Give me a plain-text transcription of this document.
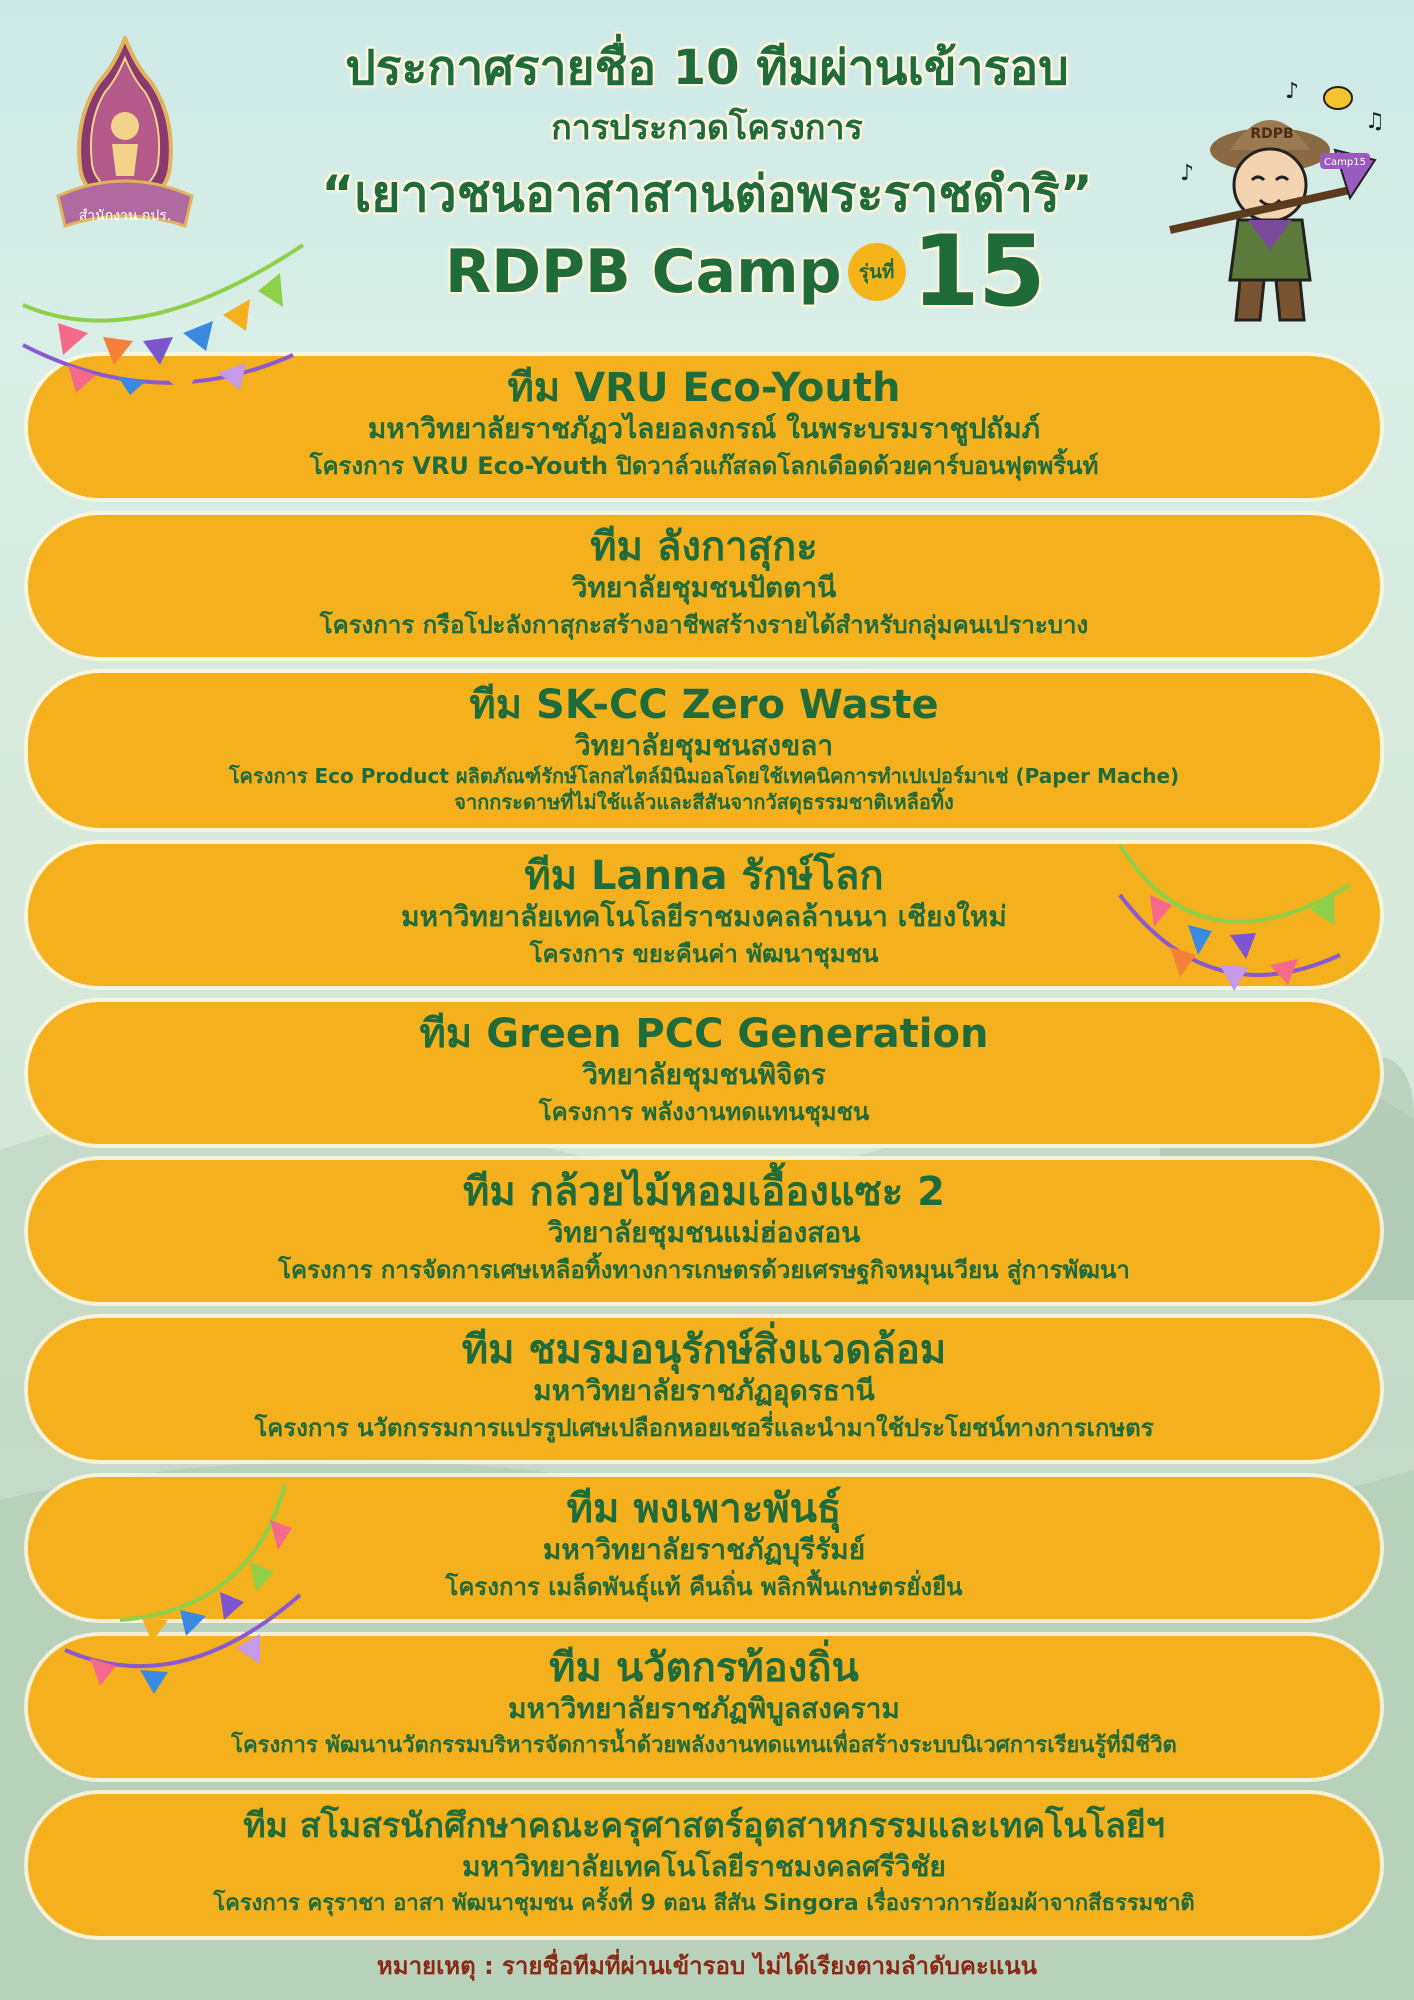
ประกาศรายชื่อ 10 ทีมผ่านเข้ารอบ
การประกวดโครงการ
“เยาวชนอาสาสานต่อพระราชดำริ”
RDPB Camp รุ่นที่ 15
สำนักงาน กปร.
RDPB
Camp15
♪
♫
♪
ทีม VRU Eco-Youth
มหาวิทยาลัยราชภัฏวไลยอลงกรณ์ ในพระบรมราชูปถัมภ์
โครงการ VRU Eco-Youth ปิดวาล์วแก๊สลดโลกเดือดด้วยคาร์บอนฟุตพริ้นท์
ทีม ลังกาสุกะ
วิทยาลัยชุมชนปัตตานี
โครงการ กรือโปะลังกาสุกะสร้างอาชีพสร้างรายได้สำหรับกลุ่มคนเปราะบาง
ทีม SK-CC Zero Waste
วิทยาลัยชุมชนสงขลา
โครงการ Eco Product ผลิตภัณฑ์รักษ์โลกสไตล์มินิมอลโดยใช้เทคนิคการทำเปเปอร์มาเช่ (Paper Mache)
จากกระดาษที่ไม่ใช้แล้วและสีสันจากวัสดุธรรมชาติเหลือทิ้ง
ทีม Lanna รักษ์โลก
มหาวิทยาลัยเทคโนโลยีราชมงคลล้านนา เชียงใหม่
โครงการ ขยะคืนค่า พัฒนาชุมชน
ทีม Green PCC Generation
วิทยาลัยชุมชนพิจิตร
โครงการ พลังงานทดแทนชุมชน
ทีม กล้วยไม้หอมเอื้องแซะ 2
วิทยาลัยชุมชนแม่ฮ่องสอน
โครงการ การจัดการเศษเหลือทิ้งทางการเกษตรด้วยเศรษฐกิจหมุนเวียน สู่การพัฒนา
ทีม ชมรมอนุรักษ์สิ่งแวดล้อม
มหาวิทยาลัยราชภัฏอุดรธานี
โครงการ นวัตกรรมการแปรรูปเศษเปลือกหอยเชอรี่และนำมาใช้ประโยชน์ทางการเกษตร
ทีม พงเพาะพันธุ์
มหาวิทยาลัยราชภัฏบุรีรัมย์
โครงการ เมล็ดพันธุ์แท้ คืนถิ่น พลิกฟื้นเกษตรยั่งยืน
ทีม นวัตกรท้องถิ่น
มหาวิทยาลัยราชภัฏพิบูลสงคราม
โครงการ พัฒนานวัตกรรมบริหารจัดการน้ำด้วยพลังงานทดแทนเพื่อสร้างระบบนิเวศการเรียนรู้ที่มีชีวิต
ทีม สโมสรนักศึกษาคณะครุศาสตร์อุตสาหกรรมและเทคโนโลยีฯ
มหาวิทยาลัยเทคโนโลยีราชมงคลศรีวิชัย
โครงการ ครุราชา อาสา พัฒนาชุมชน ครั้งที่ 9 ตอน สีสัน Singora เรื่องราวการย้อมผ้าจากสีธรรมชาติ
หมายเหตุ : รายชื่อทีมที่ผ่านเข้ารอบ ไม่ได้เรียงตามลำดับคะแนน
